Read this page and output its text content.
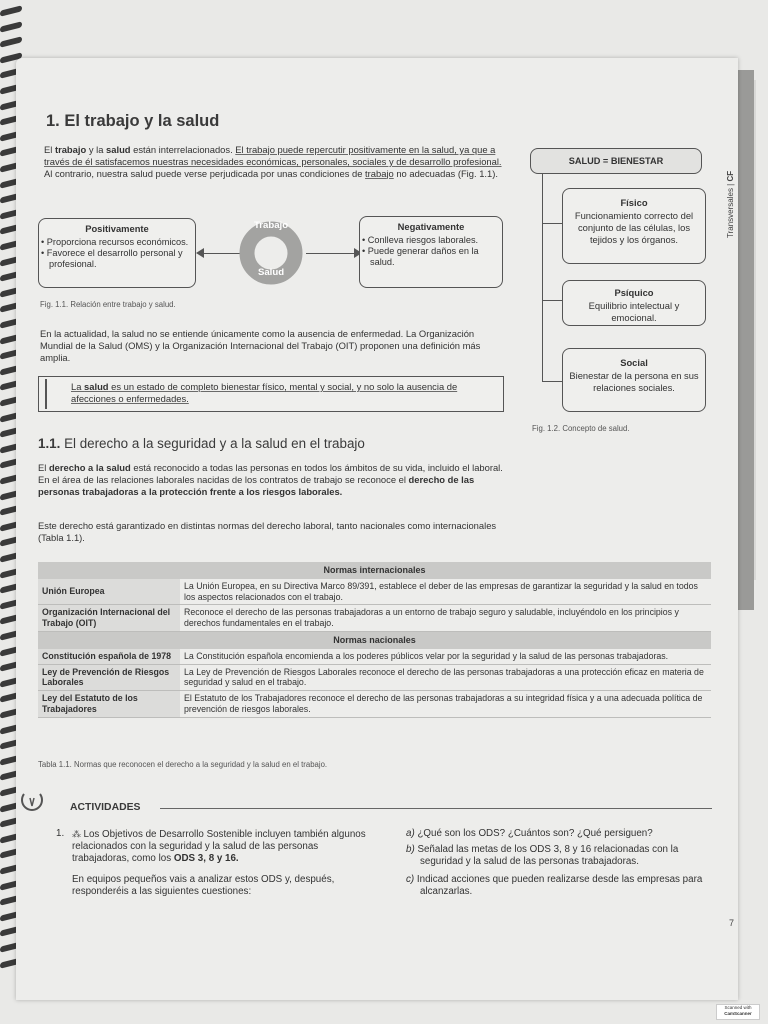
1. El trabajo y la salud
El trabajo y la salud están interrelacionados. El trabajo puede repercutir positivamente en la salud, ya que a través de él satisfacemos nuestras necesidades económicas, personales, sociales y de desarrollo profesional. Al contrario, nuestra salud puede verse perjudicada por unas condiciones de trabajo no adecuadas (Fig. 1.1).
Positivamente
• Proporciona recursos económicos.
• Favorece el desarrollo personal y profesional.
Trabajo
Salud
Negativamente
• Conlleva riesgos laborales.
• Puede generar daños en la salud.
Fig. 1.1. Relación entre trabajo y salud.
En la actualidad, la salud no se entiende únicamente como la ausencia de enfermedad. La Organización Mundial de la Salud (OMS) y la Organización Internacional del Trabajo (OIT) proponen una definición más amplia.
La salud es un estado de completo bienestar físico, mental y social, y no solo la ausencia de afecciones o enfermedades.
SALUD = BIENESTAR
Físico
Funcionamiento correcto del conjunto de las células, los tejidos y los órganos.
Psíquico
Equilibrio intelectual y emocional.
Social
Bienestar de la persona en sus relaciones sociales.
Fig. 1.2. Concepto de salud.
1.1. El derecho a la seguridad y a la salud en el trabajo
El derecho a la salud está reconocido a todas las personas en todos los ámbitos de su vida, incluido el laboral. En el área de las relaciones laborales nacidas de los contratos de trabajo se reconoce el derecho de las personas trabajadoras a la protección frente a los riesgos laborales.
Este derecho está garantizado en distintas normas del derecho laboral, tanto nacionales como internacionales (Tabla 1.1).
Normas internacionales	
Unión Europea	La Unión Europea, en su Directiva Marco 89/391, establece el deber de las empresas de garantizar la seguridad y la salud en todos los aspectos relacionados con el trabajo.
Organización Internacional del Trabajo (OIT)	Reconoce el derecho de las personas trabajadoras a un entorno de trabajo seguro y saludable, incluyéndolo en los principios y derechos fundamentales en el trabajo.
Normas nacionales	
Constitución española de 1978	La Constitución española encomienda a los poderes públicos velar por la seguridad y la salud de las personas trabajadoras.
Ley de Prevención de Riesgos Laborales	La Ley de Prevención de Riesgos Laborales reconoce el derecho de las personas trabajadoras a una protección eficaz en materia de seguridad y salud en el trabajo.
Ley del Estatuto de los Trabajadores	El Estatuto de los Trabajadores reconoce el derecho de las personas trabajadoras a su integridad física y a una adecuada política de prevención de riesgos laborales.
Tabla 1.1. Normas que reconocen el derecho a la seguridad y la salud en el trabajo.
ACTIVIDADES
1. ⁂ Los Objetivos de Desarrollo Sostenible incluyen también algunos relacionados con la seguridad y la salud de las personas trabajadoras, como los ODS 3, 8 y 16.
En equipos pequeños vais a analizar estos ODS y, después, responderéis a las siguientes cuestiones:
a) ¿Qué son los ODS? ¿Cuántos son? ¿Qué persiguen?
b) Señalad las metas de los ODS 3, 8 y 16 relacionadas con la seguridad y la salud de las personas trabajadoras.
c) Indicad acciones que pueden realizarse desde las empresas para alcanzarlas.
Transversales | CF
7
Scanned with
CamScanner
